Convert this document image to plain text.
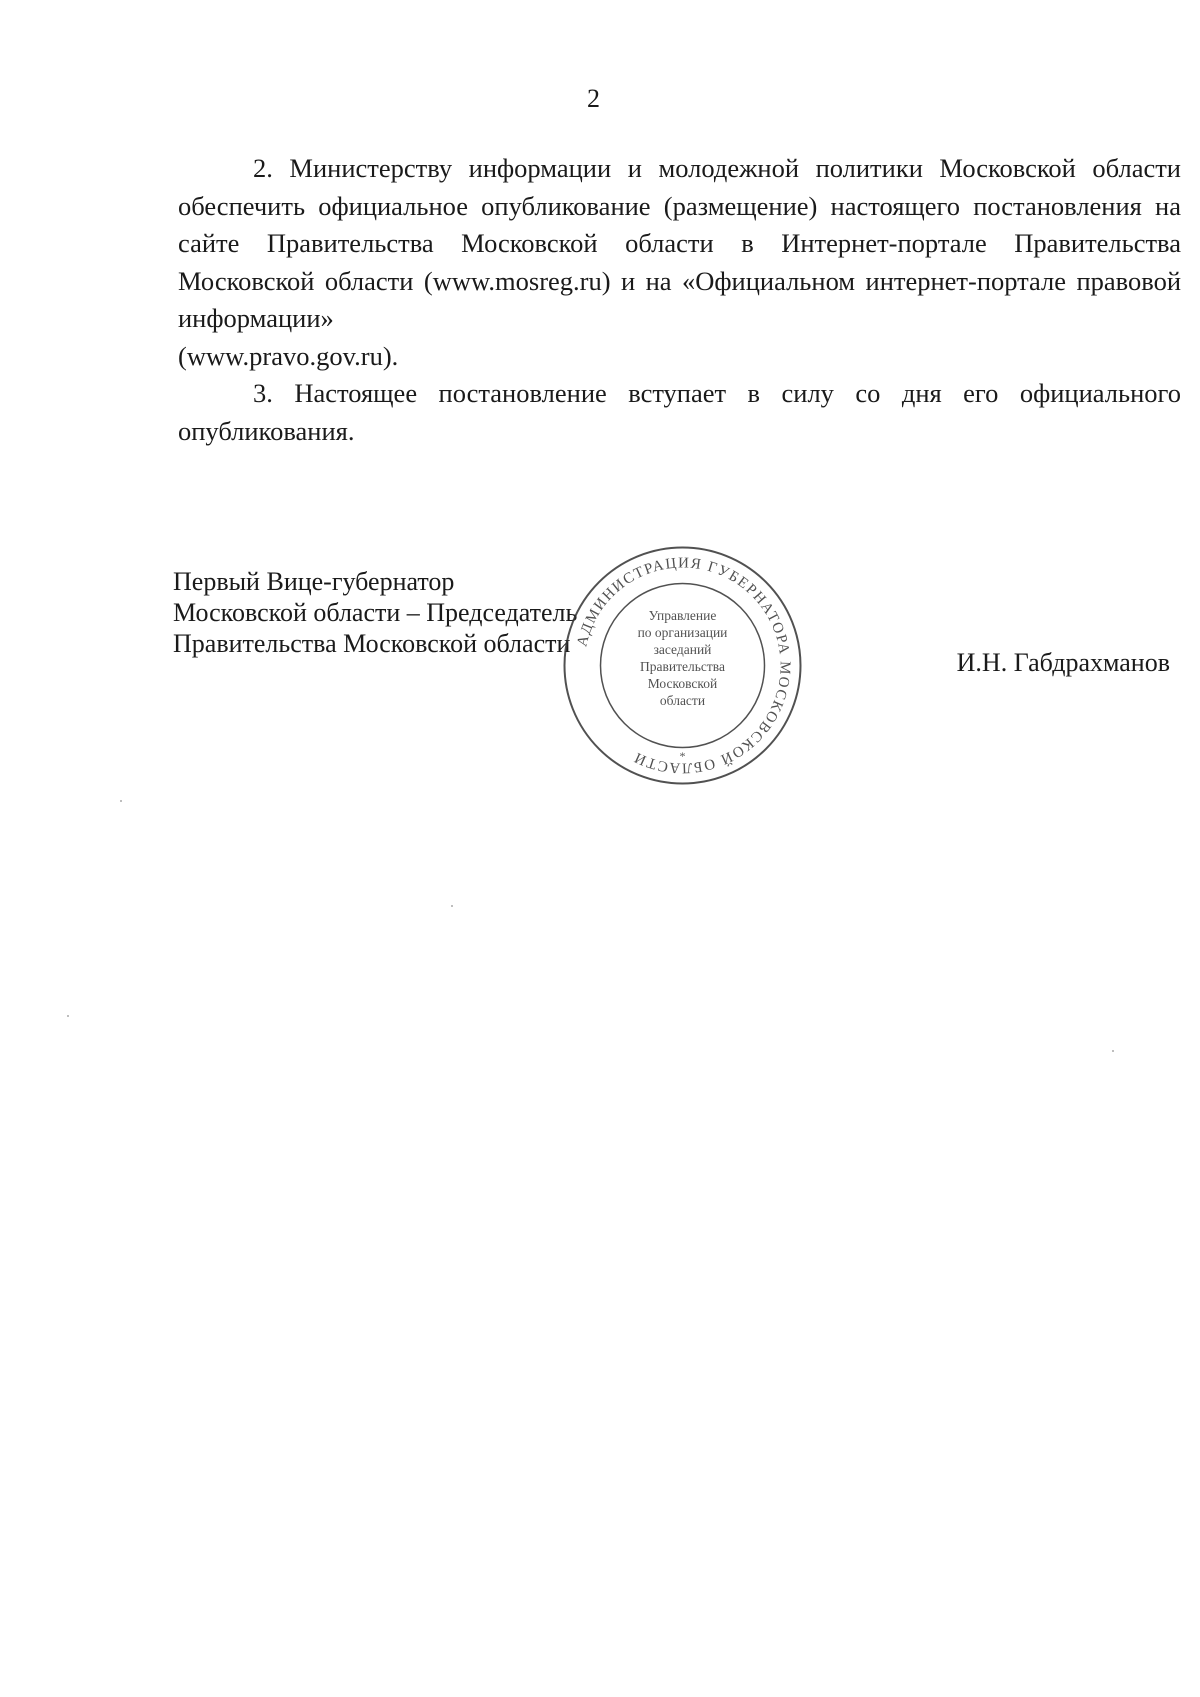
2

2. Министерству информации и молодежной политики Московской области обеспечить официальное опубликование (размещение) настоящего постановления на сайте Правительства Московской области в Интернет-портале Правительства Московской области (www.mosreg.ru) и на «Официальном интернет-портале правовой информации»
(www.pravo.gov.ru).

3. Настоящее постановление вступает в силу со дня его официального опубликования.

Первый Вице-губернатор
Московской области – Председатель
Правительства Московской области
И.Н. Габдрахманов
АДМИНИСТРАЦИЯ ГУБЕРНАТОРА МОСКОВСКОЙ ОБЛАСТИ
Управление
по организации
заседаний
Правительства
Московской
области
*
